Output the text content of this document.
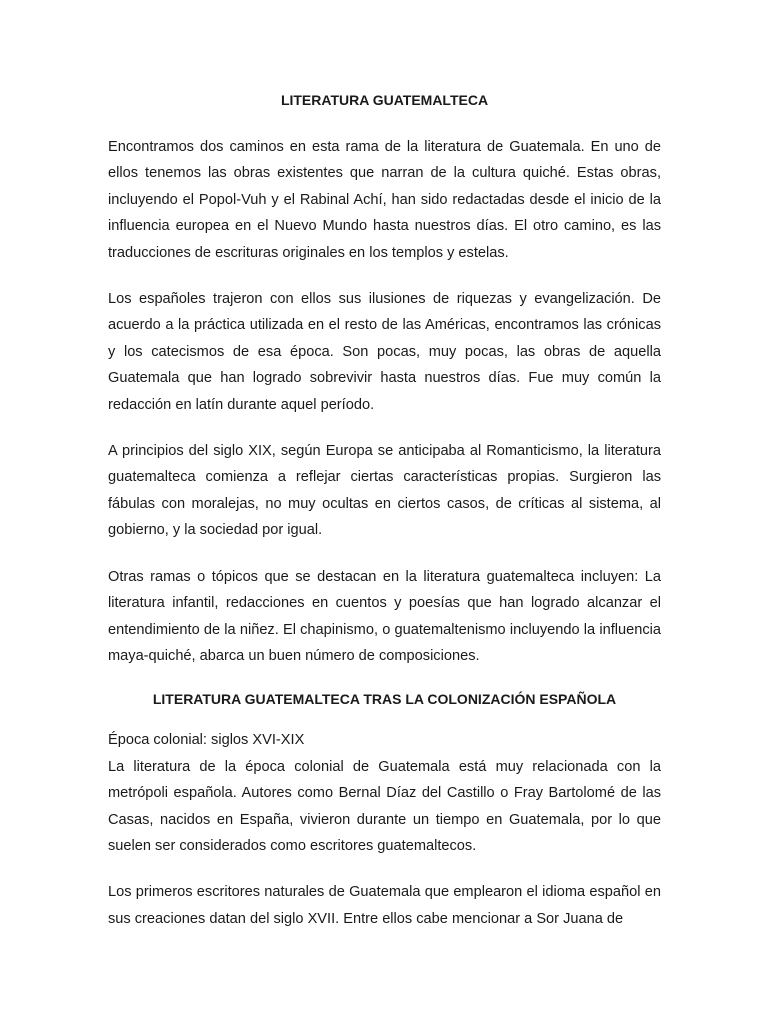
LITERATURA GUATEMALTECA

Encontramos dos caminos en esta rama de la literatura de Guatemala. En uno de ellos tenemos las obras existentes que narran de la cultura quiché. Estas obras, incluyendo el Popol-Vuh y el Rabinal Achí, han sido redactadas desde el inicio de la influencia europea en el Nuevo Mundo hasta nuestros días. El otro camino, es las traducciones de escrituras originales en los templos y estelas.

Los españoles trajeron con ellos sus ilusiones de riquezas y evangelización. De acuerdo a la práctica utilizada en el resto de las Américas, encontramos las crónicas y los catecismos de esa época. Son pocas, muy pocas, las obras de aquella Guatemala que han logrado sobrevivir hasta nuestros días. Fue muy común la redacción en latín durante aquel período.

A principios del siglo XIX, según Europa se anticipaba al Romanticismo, la literatura guatemalteca comienza a reflejar ciertas características propias. Surgieron las fábulas con moralejas, no muy ocultas en ciertos casos, de críticas al sistema, al gobierno, y la sociedad por igual.

Otras ramas o tópicos que se destacan en la literatura guatemalteca incluyen: La literatura infantil, redacciones en cuentos y poesías que han logrado alcanzar el entendimiento de la niñez. El chapinismo, o guatemaltenismo incluyendo la influencia maya-quiché, abarca un buen número de composiciones.

LITERATURA GUATEMALTECA TRAS LA COLONIZACIÓN ESPAÑOLA

Época colonial: siglos XVI-XIX

La literatura de la época colonial de Guatemala está muy relacionada con la metrópoli española. Autores como Bernal Díaz del Castillo o Fray Bartolomé de las Casas, nacidos en España, vivieron durante un tiempo en Guatemala, por lo que suelen ser considerados como escritores guatemaltecos.

Los primeros escritores naturales de Guatemala que emplearon el idioma español en sus creaciones datan del siglo XVII. Entre ellos cabe mencionar a Sor Juana de
